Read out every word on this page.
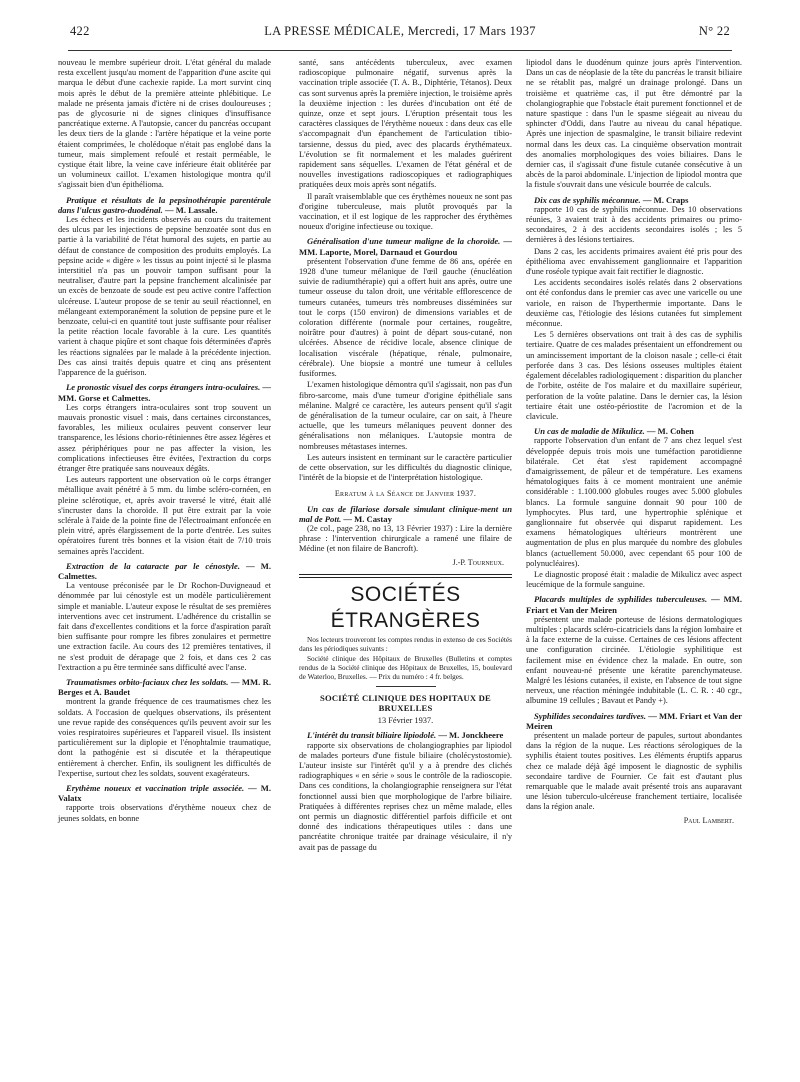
422	LA PRESSE MÉDICALE, Mercredi, 17 Mars 1937	N° 22

nouveau le membre supérieur droit. L'état général du malade resta excellent jusqu'au moment de l'apparition d'une ascite qui marqua le début d'une cachexie rapide. La mort survint cinq mois après le début de la première atteinte phlébitique. Le malade ne présenta jamais d'ictère ni de crises douloureuses ; pas de glycosurie ni de signes cliniques d'insuffisance pancréatique externe. A l'autopsie, cancer du pancréas occupant les deux tiers de la glande : l'artère hépatique et la veine porte étaient comprimées, le cholédoque n'était pas englobé dans la tumeur, mais simplement refoulé et restait perméable, le cystique était libre, la veine cave inférieure était oblitérée par un volumineux caillot. L'examen histologique montra qu'il s'agissait bien d'un épithélioma.

Pratique et résultats de la pepsinothérapie parentérale dans l'ulcus gastro-duodénal. — M. Lassale.

Les échecs et les incidents observés au cours du traitement des ulcus par les injections de pepsine benzoatée sont dus en partie à la variabilité de l'état humoral des sujets, en partie au défaut de constance de composition des produits employés. La pepsine acide « digère » les tissus au point injecté si le plasma interstitiel n'a pas un pouvoir tampon suffisant pour la neutraliser, d'autre part la pepsine franchement alcalinisée par un excès de benzoate de soude est peu active contre l'affection ulcéreuse. L'auteur propose de se tenir au seuil réactionnel, en mélangeant extemporanément la solution de pepsine pure et le benzoate, celui-ci en quantité tout juste suffisante pour réaliser la petite réaction locale favorable à la cure. Les quantités varient à chaque piqûre et sont chaque fois déterminées d'après les réactions signalées par le malade à la précédente injection. Des cas ainsi traités depuis quatre et cinq ans présentent l'apparence de la guérison.

Le pronostic visuel des corps étrangers intra-oculaires. — MM. Gorse et Calmettes.

Les corps étrangers intra-oculaires sont trop souvent un mauvais pronostic visuel : mais, dans certaines circonstances, favorables, les milieux oculaires peuvent conserver leur transparence, les lésions chorio-rétiniennes être assez légères et assez périphériques pour ne pas affecter la vision, les complications infectieuses être évitées, l'extraction du corps étranger être pratiquée sans nouveaux dégâts.

Les auteurs rapportent une observation où le corps étranger métallique avait pénétré à 5 mm. du limbe scléro-cornéen, en pleine sclérotique, et, après avoir traversé le vitré, était allé s'incruster dans la choroïde. Il put être extrait par la voie sclérale à l'aide de la pointe fine de l'électroaimant enfoncée en plein vitré, après élargissement de la porte d'entrée. Les suites opératoires furent très bonnes et la vision était de 7/10 trois semaines après l'accident.

Extraction de la cataracte par le cénostyle. — M. Calmettes.

La ventouse préconisée par le Dr Rochon-Duvigneaud et dénommée par lui cénostyle est un modèle particulièrement simple et maniable. L'auteur expose le résultat de ses premières interventions avec cet instrument. L'adhérence du cristallin se fait dans d'excellentes conditions et la force d'aspiration paraît bien suffisante pour rompre les fibres zonulaires et permettre une extraction facile. Au cours des 12 premières tentatives, il ne s'est produit de dérapage que 2 fois, et dans ces 2 cas l'extraction a pu être terminée sans difficulté avec l'anse.

Traumatismes orbito-faciaux chez les soldats. — MM. R. Berges et A. Baudet

montrent la grande fréquence de ces traumatismes chez les soldats. A l'occasion de quelques observations, ils présentent une revue rapide des conséquences qu'ils peuvent avoir sur les voies respiratoires supérieures et l'appareil visuel. Ils insistent particulièrement sur la diplopie et l'énophtalmie traumatique, dont la pathogénie est si discutée et la thérapeutique entièrement à chercher. Enfin, ils soulignent les difficultés de l'expertise, surtout chez les soldats, souvent exagérateurs.

Erythème noueux et vaccination triple associée. — M. Valatx

rapporte trois observations d'érythème noueux chez de jeunes soldats, en bonne

santé, sans antécédents tuberculeux, avec examen radioscopique pulmonaire négatif, survenus après la vaccination triple associée (T. A. B., Diphtérie, Tétanos). Deux cas sont survenus après la première injection, le troisième après la deuxième injection : les durées d'incubation ont été de quinze, onze et sept jours. L'éruption présentait tous les caractères classiques de l'érythème noueux : dans deux cas elle s'accompagnait d'un épanchement de l'articulation tibio-tarsienne, dessus du pied, avec des placards érythémateux. L'évolution se fit normalement et les malades guérirent rapidement sans séquelles. L'examen de l'état général et de nouvelles investigations radioscopiques et radiographiques pratiquées deux mois après sont négatifs.

Il paraît vraisemblable que ces érythèmes noueux ne sont pas d'origine tuberculeuse, mais plutôt provoqués par la vaccination, et il est logique de les rapprocher des érythèmes noueux d'origine infectieuse ou toxique.

Généralisation d'une tumeur maligne de la choroïde. — MM. Laporte, Morel, Darnaud et Gourdou

présentent l'observation d'une femme de 86 ans, opérée en 1928 d'une tumeur mélanique de l'œil gauche (énucléation suivie de radiumthérapie) qui a offert huit ans après, outre une tumeur osseuse du talon droit, une véritable efflorescence de tumeurs cutanées, tumeurs très nombreuses disséminées sur tout le corps (150 environ) de dimensions variables et de coloration différente (normale pour certaines, rougeâtre, noirâtre pour d'autres) à point de départ sous-cutané, non ulcérées. Absence de récidive locale, absence clinique de localisation viscérale (hépatique, rénale, pulmonaire, cérébrale). Une biopsie a montré une tumeur à cellules fusiformes.

L'examen histologique démontra qu'il s'agissait, non pas d'un fibro-sarcome, mais d'une tumeur d'origine épithéliale sans mélanine. Malgré ce caractère, les auteurs pensent qu'il s'agit de généralisation de la tumeur oculaire, car on sait, à l'heure actuelle, que les tumeurs mélaniques peuvent donner des généralisations non mélaniques. L'autopsie montra de nombreuses métastases internes.

Les auteurs insistent en terminant sur le caractère particulier de cette observation, sur les difficultés du diagnostic clinique, l'intérêt de la biopsie et de l'interprétation histologique.

Erratum à la Séance de Janvier 1937.

Un cas de filariose dorsale simulant clinique-ment un mal de Pott. — M. Castay

(2e col., page 238, no 13, 13 Février 1937) : Lire la dernière phrase : l'intervention chirurgicale a ramené une filaire de Médine (et non filaire de Bancroft).

J.-P. Tourneux.

SOCIÉTÉS ÉTRANGÈRES

Nos lecteurs trouveront les comptes rendus in extenso de ces Sociétés dans les périodiques suivants :

Société clinique des Hôpitaux de Bruxelles (Bulletins et comptes rendus de la Société clinique des Hôpitaux de Bruxelles, 15, boulevard de Waterloo, Bruxelles. — Prix du numéro : 4 fr. belges.

SOCIÉTÉ CLINIQUE DES HOPITAUX DE BRUXELLES

13 Février 1937.

L'intérêt du transit biliaire lipiodolé. — M. Jonckheere

rapporte six observations de cholangiographies par lipiodol de malades porteurs d'une fistule biliaire (cholécystostomie). L'auteur insiste sur l'intérêt qu'il y a à prendre des clichés radiographiques « en série » sous le contrôle de la radioscopie. Dans ces conditions, la cholangiographie renseignera sur l'état fonctionnel aussi bien que morphologique de l'arbre biliaire. Pratiquées à différentes reprises chez un même malade, elles ont permis un diagnostic différentiel parfois difficile et ont donné des indications thérapeutiques utiles : dans une pancréatite chronique traitée par drainage vésiculaire, il n'y avait pas de passage du

lipiodol dans le duodénum quinze jours après l'intervention. Dans un cas de néoplasie de la tête du pancréas le transit biliaire ne se rétablit pas, malgré un drainage prolongé. Dans un troisième et quatrième cas, il put être démontré par la cholangiographie que l'obstacle était purement fonctionnel et de nature spastique : dans l'un le spasme siégeait au niveau du sphincter d'Oddi, dans l'autre au niveau du canal hépatique. Après une injection de spasmalgine, le transit biliaire redevint normal dans les deux cas. La cinquième observation montrait des anomalies morphologiques des voies biliaires. Dans le dernier cas, il s'agissait d'une fistule cutanée consécutive à un abcès de la paroi abdominale. L'injection de lipiodol montra que la fistule s'ouvrait dans une vésicule bourrée de calculs.

Dix cas de syphilis méconnue. — M. Craps

rapporte 10 cas de syphilis méconnue. Des 10 observations réunies, 3 avaient trait à des accidents primaires ou primo-secondaires, 2 à des accidents secondaires isolés ; les 5 dernières à des lésions tertiaires.

Dans 2 cas, les accidents primaires avaient été pris pour des épithélioma avec envahissement ganglionnaire et l'apparition d'une roséole typique avait fait rectifier le diagnostic.

Les accidents secondaires isolés relatés dans 2 observations ont été confondus dans le premier cas avec une varicelle ou une variole, en raison de l'hyperthermie importante. Dans le deuxième cas, l'étiologie des lésions cutanées fut simplement méconnue.

Les 5 dernières observations ont trait à des cas de syphilis tertiaire. Quatre de ces malades présentaient un effondrement ou un amincissement important de la cloison nasale ; celle-ci était perforée dans 3 cas. Des lésions osseuses multiples étaient également décelables radiologiquement : disparition du plancher de l'orbite, ostéite de l'os malaire et du maxillaire supérieur, perforation de la voûte palatine. Dans le dernier cas, la lésion tertiaire était une ostéo-périostite de l'acromion et de la clavicule.

Un cas de maladie de Mikulicz. — M. Cohen

rapporte l'observation d'un enfant de 7 ans chez lequel s'est développée depuis trois mois une tuméfaction parotidienne bilatérale. Cet état s'est rapidement accompagné d'amaigrissement, de pâleur et de température. Les examens hématologiques faits à ce moment montraient une anémie considérable : 1.100.000 globules rouges avec 5.000 globules blancs. La formule sanguine donnait 90 pour 100 de lymphocytes. Plus tard, une hypertrophie splénique et ganglionnaire fut observée qui disparut rapidement. Les examens hématologiques ultérieurs montrèrent une augmentation de plus en plus marquée du nombre des globules blancs (actuellement 50.000, avec cependant 65 pour 100 de polynucléaires).

Le diagnostic proposé était : maladie de Mikulicz avec aspect leucémique de la formule sanguine.

Placards multiples de syphilides tuberculeuses. — MM. Friart et Van der Meiren

présentent une malade porteuse de lésions dermatologiques multiples : placards scléro-cicatriciels dans la région lombaire et à la face externe de la cuisse. Certaines de ces lésions affectent une configuration circinée. L'étiologie syphilitique est facilement mise en évidence chez la malade. En outre, son enfant nouveau-né présente une kératite parenchymateuse. Malgré les lésions cutanées, il existe, en l'absence de tout signe nerveux, une réaction méningée indubitable (L. C. R. : 40 cgr., albumine 19 cellules ; Bavaut et Pandy +).

Syphilides secondaires tardives. — MM. Friart et Van der Meiren

présentent un malade porteur de papules, surtout abondantes dans la région de la nuque. Les réactions sérologiques de la syphilis étaient toutes positives. Les éléments éruptifs apparus chez ce malade déjà âgé imposent le diagnostic de syphilis secondaire tardive de Fournier. Ce fait est d'autant plus remarquable que le malade avait présenté trois ans auparavant une lésion tuberculo-ulcéreuse franchement tertiaire, localisée dans la région anale.

Paul Lambert.
